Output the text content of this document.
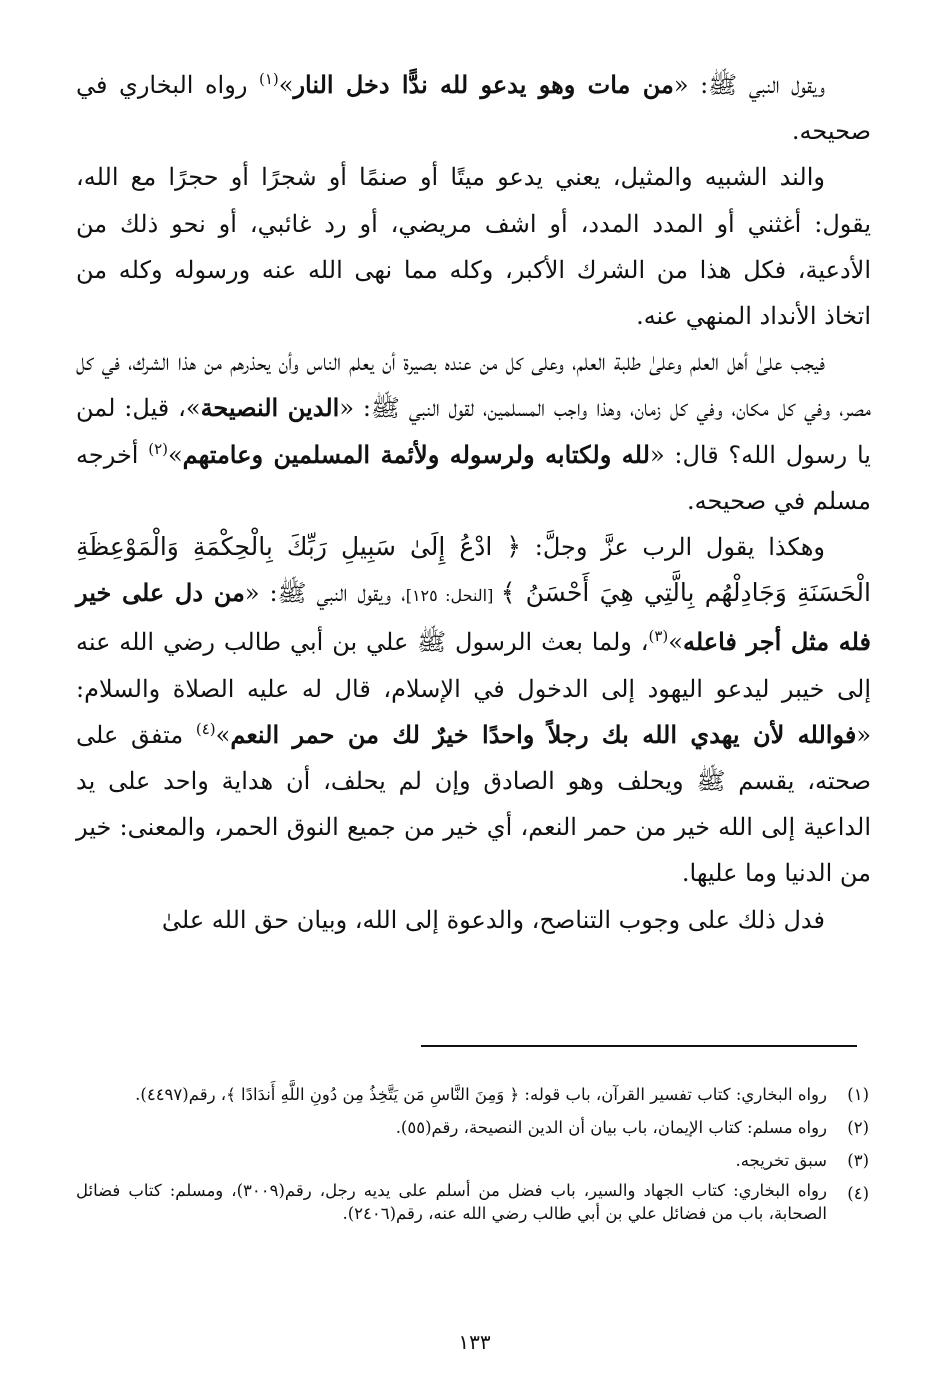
ويقول النبي ﷺ: «من مات وهو يدعو لله ندًّا دخل النار»$^{(١)}$ رواه البخاري في صحيحه.

والند الشبيه والمثيل، يعني يدعو ميتًا أو صنمًا أو شجرًا أو حجرًا مع الله، يقول: أغثني أو المدد المدد، أو اشف مريضي، أو رد غائبي، أو نحو ذلك من الأدعية، فكل هذا من الشرك الأكبر، وكله مما نهى الله عنه ورسوله وكله من اتخاذ الأنداد المنهي عنه.

فيجب علىٰ أهل العلم وعلىٰ طلبة العلم، وعلى كل من عنده بصيرة أن يعلم الناس وأن يحذرهم من هذا الشرك، في كل مصر، وفي كل مكان، وفي كل زمان، وهذا واجب المسلمين، لقول النبي ﷺ: «الدين النصيحة»، قيل: لمن يا رسول الله؟ قال: «لله ولكتابه ولرسوله ولأئمة المسلمين وعامتهم»$^{(٢)}$ أخرجه مسلم في صحيحه.

وهكذا يقول الرب عزَّ وجلَّ: ﴿ ادْعُ إِلَىٰ سَبِيلِ رَبِّكَ بِالْحِكْمَةِ وَالْمَوْعِظَةِ الْحَسَنَةِ وَجَادِلْهُم بِالَّتِي هِيَ أَحْسَنُ ﴾ [النحل: ١٢٥]، ويقول النبي ﷺ: «من دل على خير فله مثل أجر فاعله»$^{(٣)}$، ولما بعث الرسول ﷺ علي بن أبي طالب رضي الله عنه إلى خيبر ليدعو اليهود إلى الدخول في الإسلام، قال له عليه الصلاة والسلام: «فوالله لأن يهدي الله بك رجلاً واحدًا خيرٌ لك من حمر النعم»$^{(٤)}$ متفق على صحته، يقسم ﷺ ويحلف وهو الصادق وإن لم يحلف، أن هداية واحد على يد الداعية إلى الله خير من حمر النعم، أي خير من جميع النوق الحمر، والمعنى: خير من الدنيا وما عليها.

فدل ذلك على وجوب التناصح، والدعوة إلى الله، وبيان حق الله علىٰ

(١)
رواه البخاري: كتاب تفسير القرآن، باب قوله: ﴿ وَمِنَ النَّاسِ مَن يَتَّخِذُ مِن دُونِ اللَّهِ أَندَادًا ﴾، رقم(٤٤٩٧).
(٢)
رواه مسلم: كتاب الإيمان، باب بيان أن الدين النصيحة، رقم(٥٥).
(٣)
سبق تخريجه.
(٤)
رواه البخاري: كتاب الجهاد والسير، باب فضل من أسلم على يديه رجل، رقم(٣٠٠٩)، ومسلم: كتاب فضائل الصحابة، باب من فضائل علي بن أبي طالب رضي الله عنه، رقم(٢٤٠٦).
١٣٣
